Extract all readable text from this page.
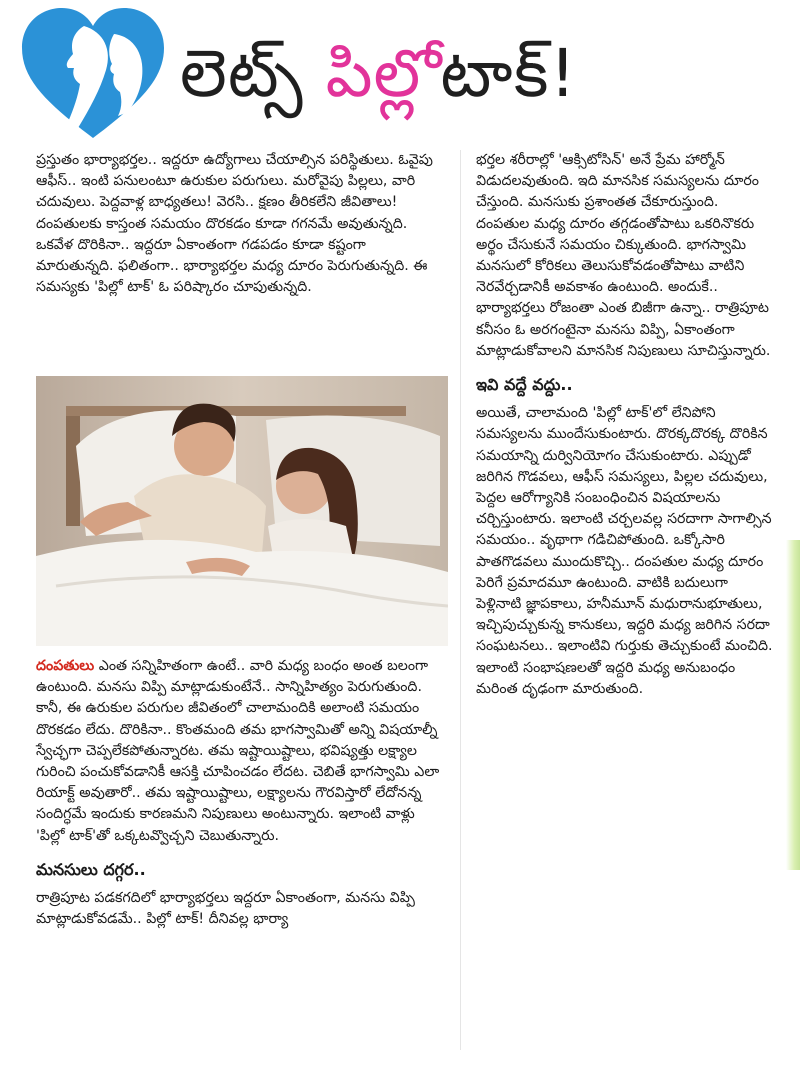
లెట్స్ పిల్లోటాక్!

ప్రస్తుతం భార్యాభర్తల.. ఇద్దరూ ఉద్యోగాలు చేయాల్సిన పరిస్థితులు. ఓవైపు ఆఫీస్.. ఇంటి పనులంటూ ఉరుకుల పరుగులు. మరోవైపు పిల్లలు, వారి చదువులు. పెద్దవాళ్ల బాధ్యతలు! వెరసి.. క్షణం తీరికలేని జీవితాలు! దంపతులకు కాస్తంత సమయం దొరకడం కూడా గగనమే అవుతున్నది. ఒకవేళ దొరికినా.. ఇద్దరూ ఏకాంతంగా గడపడం కూడా కష్టంగా మారుతున్నది. ఫలితంగా.. భార్యాభర్తల మధ్య దూరం పెరుగుతున్నది. ఈ సమస్యకు 'పిల్లో టాక్' ఓ పరిష్కారం చూపుతున్నది.

దంపతులు ఎంత సన్నిహితంగా ఉంటే.. వారి మధ్య బంధం అంత బలంగా ఉంటుంది. మనసు విప్పి మాట్లాడుకుంటేనే.. సాన్నిహిత్యం పెరుగుతుంది. కానీ, ఈ ఉరుకుల పరుగుల జీవితంలో చాలామందికి అలాంటి సమయం దొరకడం లేదు. దొరికినా.. కొంతమంది తమ భాగస్వామితో అన్ని విషయాల్నీ స్వేచ్ఛగా చెప్పలేకపోతున్నారట. తమ ఇష్టాయిష్టాలు, భవిష్యత్తు లక్ష్యాల గురించి పంచుకోవడానికీ ఆసక్తి చూపించడం లేదట. చెబితే భాగస్వామి ఎలా రియాక్ట్ అవుతారో.. తమ ఇష్టాయిష్టాలు, లక్ష్యాలను గౌరవిస్తారో లేదోనన్న సందిగ్ధమే ఇందుకు కారణమని నిపుణులు అంటున్నారు. ఇలాంటి వాళ్లు 'పిల్లో టాక్'తో ఒక్కటవ్వొచ్చని చెబుతున్నారు.

మనసులు దగ్గర..

రాత్రిపూట పడకగదిలో భార్యాభర్తలు ఇద్దరూ ఏకాంతంగా, మనసు విప్పి మాట్లాడుకోవడమే.. పిల్లో టాక్! దీనివల్ల భార్యా

భర్తల శరీరాల్లో 'ఆక్సిటోసిన్' అనే ప్రేమ హార్మోన్ విడుదలవుతుంది. ఇది మానసిక సమస్యలను దూరం చేస్తుంది. మనసుకు ప్రశాంతత చేకూరుస్తుంది. దంపతుల మధ్య దూరం తగ్గడంతోపాటు ఒకరినొకరు అర్థం చేసుకునే సమయం చిక్కుతుంది. భాగస్వామి మనసులో కోరికలు తెలుసుకోవడంతోపాటు వాటిని నెరవేర్చడానికీ అవకాశం ఉంటుంది. అందుకే.. భార్యాభర్తలు రోజంతా ఎంత బిజీగా ఉన్నా.. రాత్రిపూట కనీసం ఓ అరగంటైనా మనసు విప్పి, ఏకాంతంగా మాట్లాడుకోవాలని మానసిక నిపుణులు సూచిస్తున్నారు.

ఇవి వద్దే వద్దు..

అయితే, చాలామంది 'పిల్లో టాక్'లో లేనిపోని సమస్యలను ముందేసుకుంటారు. దొరక్కదొరక్క దొరికిన సమయాన్ని దుర్వినియోగం చేసుకుంటారు. ఎప్పుడో జరిగిన గొడవలు, ఆఫీస్ సమస్యలు, పిల్లల చదువులు, పెద్దల ఆరోగ్యానికి సంబంధించిన విషయాలను చర్చిస్తుంటారు. ఇలాంటి చర్చలవల్ల సరదాగా సాగాల్సిన సమయం.. వృథాగా గడిచిపోతుంది. ఒక్కోసారి పాతగొడవలు ముందుకొచ్చి.. దంపతుల మధ్య దూరం పెరిగే ప్రమాదమూ ఉంటుంది. వాటికి బదులుగా పెళ్లినాటి జ్ఞాపకాలు, హనీమూన్ మధురానుభూతులు, ఇచ్చిపుచ్చుకున్న కానుకలు, ఇద్దరి మధ్య జరిగిన సరదా సంఘటనలు.. ఇలాంటివి గుర్తుకు తెచ్చుకుంటే మంచిది. ఇలాంటి సంభాషణలతో ఇద్దరి మధ్య అనుబంధం మరింత దృఢంగా మారుతుంది.
